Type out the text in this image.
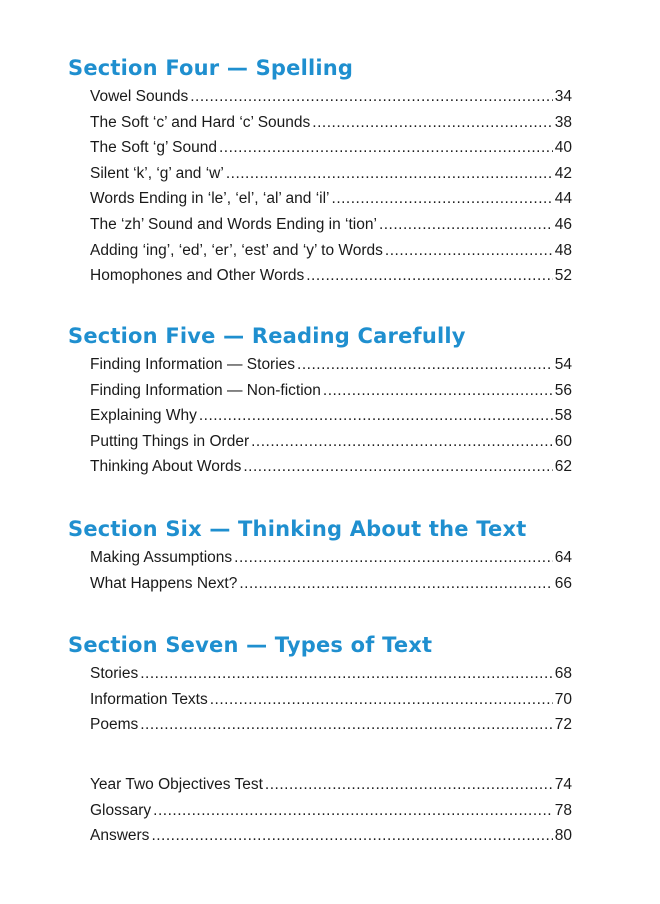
Section Four — Spelling
Vowel Sounds .....	34
The Soft ‘c’ and Hard ‘c’ Sounds .....	38
The Soft ‘g’ Sound .....	40
Silent ‘k’, ‘g’ and ‘w’ .....	42
Words Ending in ‘le’, ‘el’, ‘al’ and ‘il’ .....	44
The ‘zh’ Sound and Words Ending in ‘tion’ .....	46
Adding ‘ing’, ‘ed’, ‘er’, ‘est’ and ‘y’ to Words .....	48
Homophones and Other Words .....	52
Section Five — Reading Carefully
Finding Information — Stories .....	54
Finding Information — Non-fiction .....	56
Explaining Why .....	58
Putting Things in Order .....	60
Thinking About Words .....	62
Section Six — Thinking About the Text
Making Assumptions .....	64
What Happens Next? .....	66
Section Seven — Types of Text
Stories .....	68
Information Texts .....	70
Poems .....	72
Year Two Objectives Test .....	74
Glossary .....	78
Answers .....	80
